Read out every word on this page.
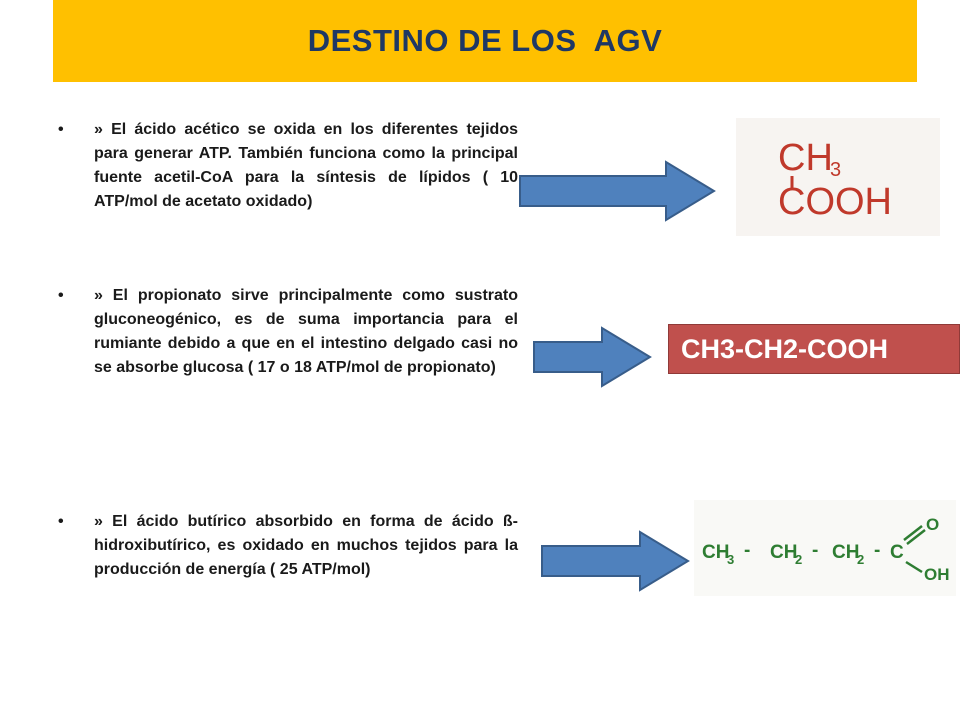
DESTINO DE LOS  AGV
• » El ácido acético se oxida en los diferentes tejidos para generar ATP. También funciona como la principal fuente acetil-CoA para la síntesis de lípidos ( 10 ATP/mol de acetato oxidado)
• » El propionato sirve principalmente como sustrato gluconeogénico, es de suma importancia para el rumiante debido a que en el intestino delgado casi no se absorbe glucosa ( 17 o 18 ATP/mol de propionato)
• » El ácido butírico absorbido en forma de ácido ß-hidroxibutírico, es oxidado en muchos tejidos para la producción de energía ( 25 ATP/mol)
CH
3
COOH
CH3-CH2-COOH
CH
3 - CH
2 - CH
2 - C
O
OH
